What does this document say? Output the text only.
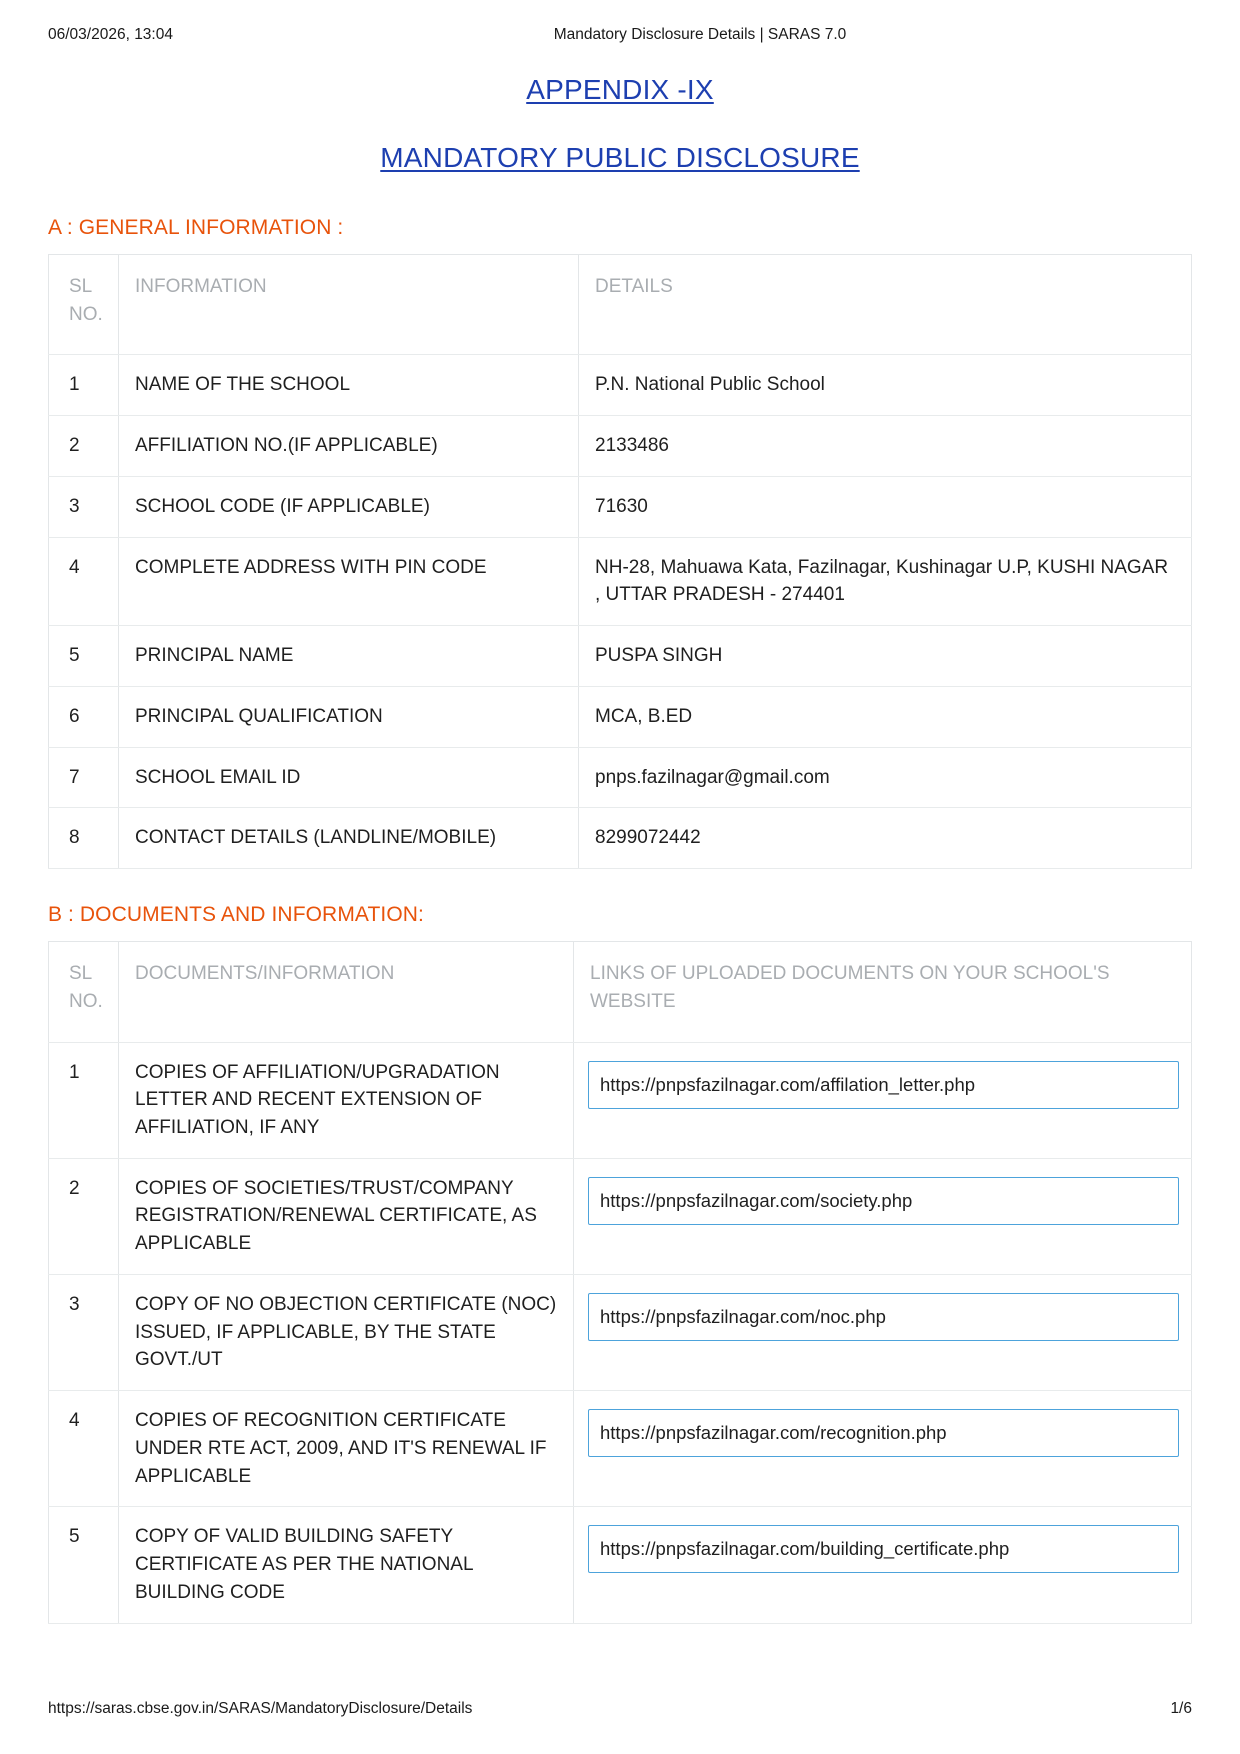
06/03/2026, 13:04	Mandatory Disclosure Details | SARAS 7.0
APPENDIX -IX
MANDATORY PUBLIC DISCLOSURE
A : GENERAL INFORMATION :
SL
NO.	INFORMATION	DETAILS
1	NAME OF THE SCHOOL	P.N. National Public School
2	AFFILIATION NO.(IF APPLICABLE)	2133486
3	SCHOOL CODE (IF APPLICABLE)	71630
4	COMPLETE ADDRESS WITH PIN CODE	NH-28, Mahuawa Kata, Fazilnagar, Kushinagar U.P, KUSHI NAGAR , UTTAR PRADESH - 274401
5	PRINCIPAL NAME	PUSPA SINGH
6	PRINCIPAL QUALIFICATION	MCA, B.ED
7	SCHOOL EMAIL ID	pnps.fazilnagar@gmail.com
8	CONTACT DETAILS (LANDLINE/MOBILE)	8299072442
B : DOCUMENTS AND INFORMATION:
SL
NO.	DOCUMENTS/INFORMATION	LINKS OF UPLOADED DOCUMENTS ON YOUR SCHOOL'S WEBSITE
1	COPIES OF AFFILIATION/UPGRADATION LETTER AND RECENT EXTENSION OF AFFILIATION, IF ANY	https://pnpsfazilnagar.com/affilation_letter.php

2	COPIES OF SOCIETIES/TRUST/COMPANY REGISTRATION/RENEWAL CERTIFICATE, AS APPLICABLE	https://pnpsfazilnagar.com/society.php

3	COPY OF NO OBJECTION CERTIFICATE (NOC) ISSUED, IF APPLICABLE, BY THE STATE GOVT./UT	https://pnpsfazilnagar.com/noc.php

4	COPIES OF RECOGNITION CERTIFICATE UNDER RTE ACT, 2009, AND IT'S RENEWAL IF APPLICABLE	https://pnpsfazilnagar.com/recognition.php

5	COPY OF VALID BUILDING SAFETY CERTIFICATE AS PER THE NATIONAL BUILDING CODE	https://pnpsfazilnagar.com/building_certificate.php
https://saras.cbse.gov.in/SARAS/MandatoryDisclosure/Details	1/6
